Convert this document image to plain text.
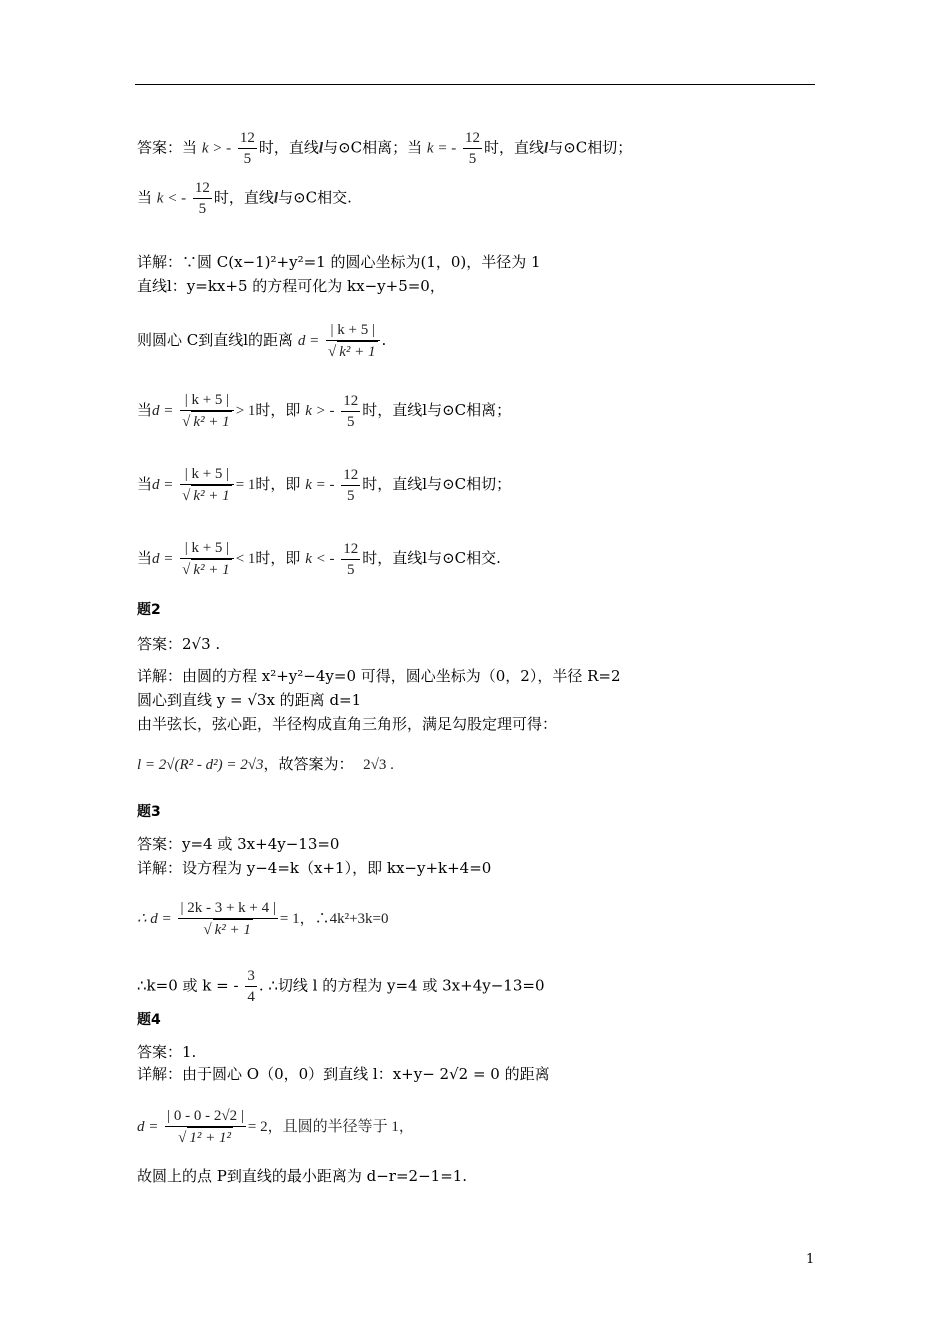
答案：当 k > - $\frac{12}{5}$ 时，直线l与⊙C相离；当 k = - $\frac{12}{5}$ 时，直线l与⊙C相切；
当 k < - $\frac{12}{5}$ 时，直线l与⊙C相交.
详解：∵圆 C(x−1)²+y²=1 的圆心坐标为(1，0)，半径为 1
直线l：y=kx+5 的方程可化为 kx−y+5=0，
则圆心 C到直线l的距离 $d = \frac{| k + 5 |}{\text{√ k² + 1}}$ .
当$d = \frac{| k + 5 |}{\text{√ k² + 1}} > 1$时，即 k > - $\frac{12}{5}$ 时，直线l与⊙C相离；
当$d = \frac{| k + 5 |}{\text{√ k² + 1}} = 1$时，即 k = - $\frac{12}{5}$ 时，直线l与⊙C相切；
当$d = \frac{| k + 5 |}{\text{√ k² + 1}} < 1$时，即 k < - $\frac{12}{5}$ 时，直线l与⊙C相交.
题2
答案：2√3 .
详解：由圆的方程 x²+y²−4y=0 可得，圆心坐标为（0，2），半径 R=2
圆心到直线 y = √3x 的距离 d=1
由半弦长，弦心距，半径构成直角三角形，满足勾股定理可得：
l = 2√(R² - d²) = 2√3，故答案为： 2√3 .
题3
答案：y=4 或 3x+4y−13=0
详解：设方程为 y−4=k（x+1），即 kx−y+k+4=0
∴ $d = \frac{| 2k - 3 + k + 4 |}{\text{√ k² + 1}} = 1$，∴4k²+3k=0
∴k=0 或 k = - $\frac{3}{4}$ . ∴切线 l 的方程为 y=4 或 3x+4y−13=0
题4
答案：1.
详解：由于圆心 O（0，0）到直线 l：x+y− 2√2 = 0 的距离
$d = \frac{| 0 - 0 - 2√2 |}{\text{√ 1² + 1²}} = 2$，且圆的半径等于 1，
故圆上的点 P到直线的最小距离为 d−r=2−1=1.
1
